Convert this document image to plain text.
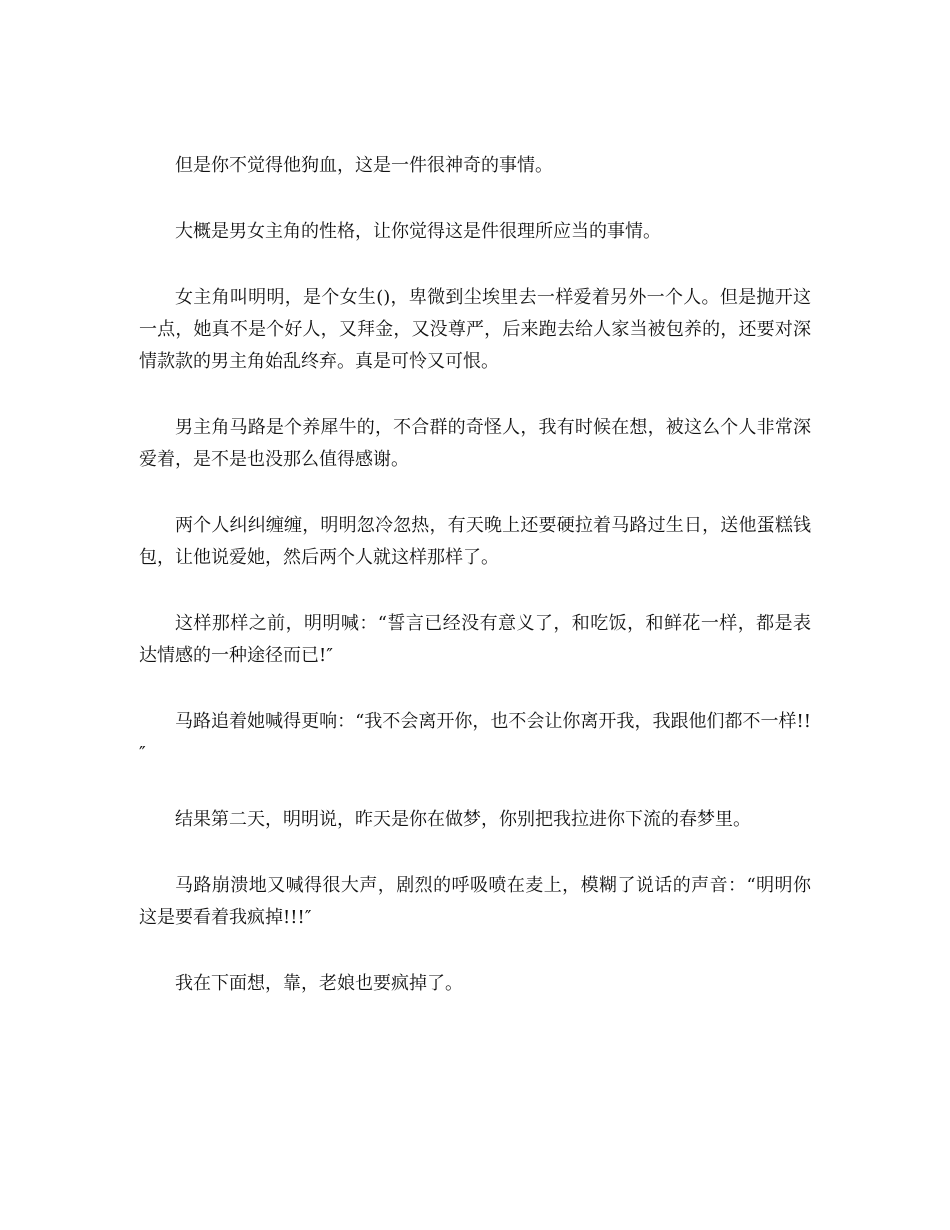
但是你不觉得他狗血，这是一件很神奇的事情。

大概是男女主角的性格，让你觉得这是件很理所应当的事情。

女主角叫明明，是个女生()，卑微到尘埃里去一样爱着另外一个人。但是抛开这一点，她真不是个好人，又拜金，又没尊严，后来跑去给人家当被包养的，还要对深情款款的男主角始乱终弃。真是可怜又可恨。

男主角马路是个养犀牛的，不合群的奇怪人，我有时候在想，被这么个人非常深爱着，是不是也没那么值得感谢。

两个人纠纠缠缠，明明忽冷忽热，有天晚上还要硬拉着马路过生日，送他蛋糕钱包，让他说爱她，然后两个人就这样那样了。

这样那样之前，明明喊：“誓言已经没有意义了，和吃饭，和鲜花一样，都是表达情感的一种途径而已!″

马路追着她喊得更响：“我不会离开你，也不会让你离开我，我跟他们都不一样!!″

结果第二天，明明说，昨天是你在做梦，你别把我拉进你下流的春梦里。

马路崩溃地又喊得很大声，剧烈的呼吸喷在麦上，模糊了说话的声音：“明明你这是要看着我疯掉!!!″

我在下面想，靠，老娘也要疯掉了。
